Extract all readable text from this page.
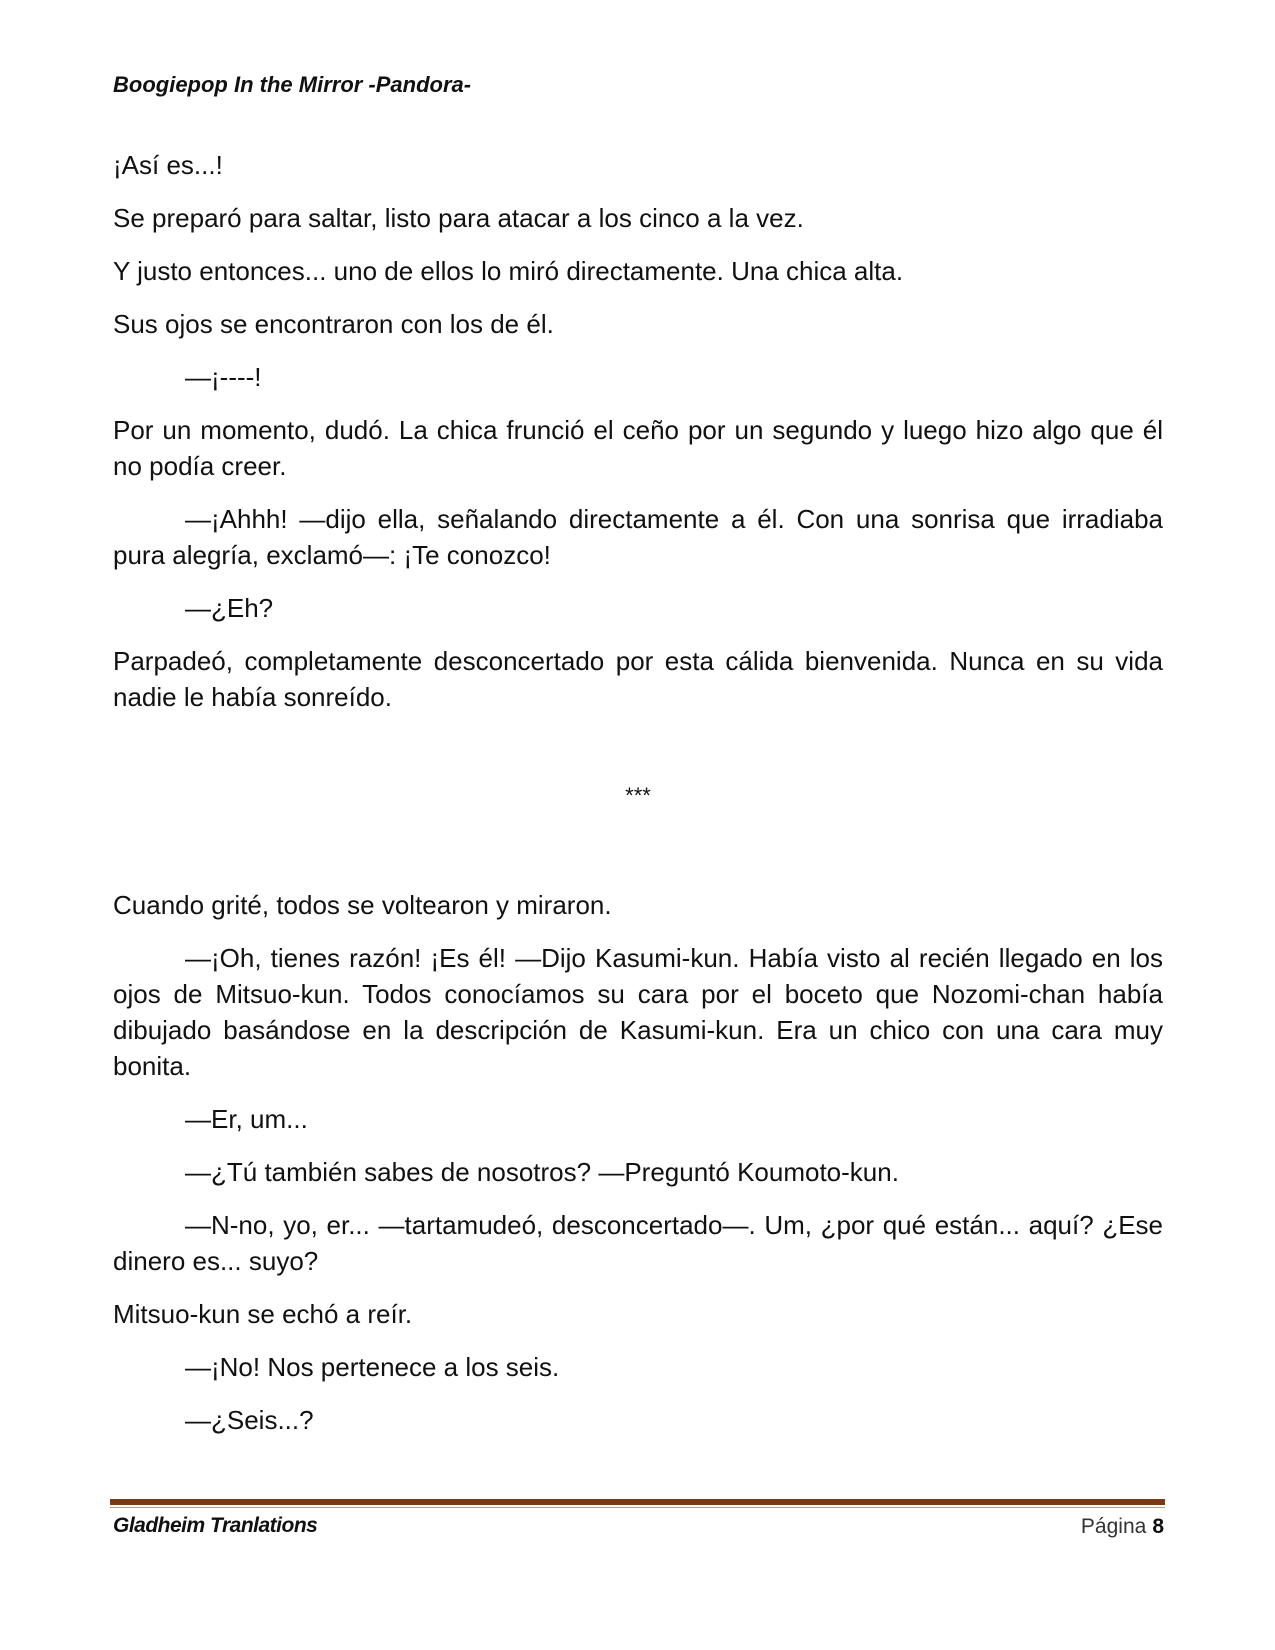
Boogiepop In the Mirror -Pandora-

¡Así es...!

Se preparó para saltar, listo para atacar a los cinco a la vez.

Y justo entonces... uno de ellos lo miró directamente. Una chica alta.

Sus ojos se encontraron con los de él.

—¡----!

Por un momento, dudó. La chica frunció el ceño por un segundo y luego hizo algo que él no podía creer.

—¡Ahhh! —dijo ella, señalando directamente a él. Con una sonrisa que irradiaba pura alegría, exclamó—: ¡Te conozco!

—¿Eh?

Parpadeó, completamente desconcertado por esta cálida bienvenida. Nunca en su vida nadie le había sonreído.

***

Cuando grité, todos se voltearon y miraron.

—¡Oh, tienes razón! ¡Es él! —Dijo Kasumi-kun. Había visto al recién llegado en los ojos de Mitsuo-kun. Todos conocíamos su cara por el boceto que Nozomi-chan había dibujado basándose en la descripción de Kasumi-kun. Era un chico con una cara muy bonita.

—Er, um...

—¿Tú también sabes de nosotros? —Preguntó Koumoto-kun.

—N-no, yo, er... —tartamudeó, desconcertado—. Um, ¿por qué están... aquí? ¿Ese dinero es... suyo?

Mitsuo-kun se echó a reír.

—¡No! Nos pertenece a los seis.

—¿Seis...?

Gladheim Tranlations	Página 8
